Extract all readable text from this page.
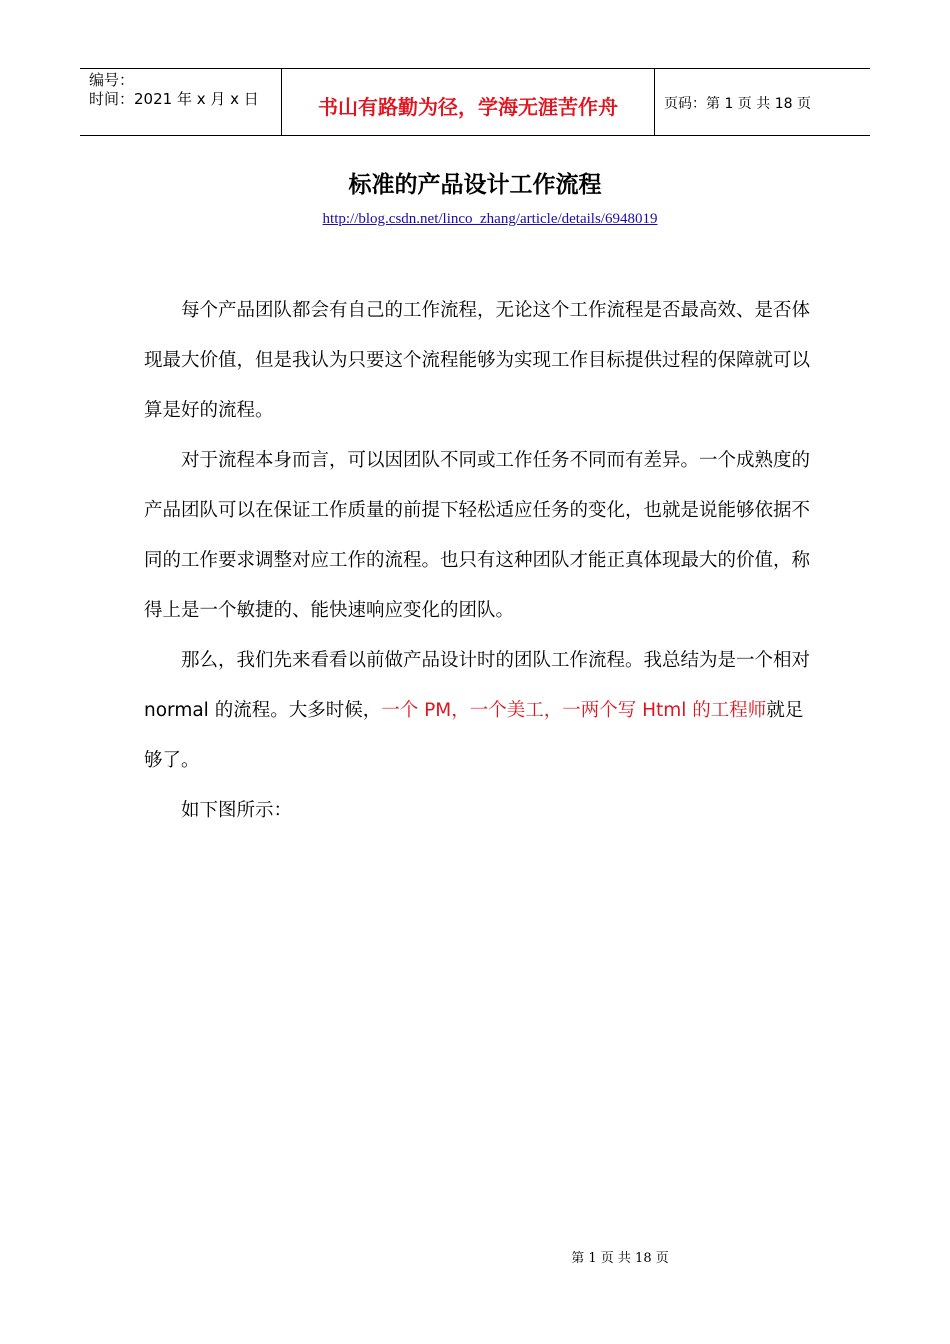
编号：
时间：2021 年 x 月 x 日	书山有路勤为径，学海无涯苦作舟	页码：第 1 页 共 18 页
标准的产品设计工作流程
http://blog.csdn.net/linco_zhang/article/details/6948019

每个产品团队都会有自己的工作流程，无论这个工作流程是否最高效、是否体现最大价值，但是我认为只要这个流程能够为实现工作目标提供过程的保障就可以算是好的流程。

对于流程本身而言，可以因团队不同或工作任务不同而有差异。一个成熟度的产品团队可以在保证工作质量的前提下轻松适应任务的变化，也就是说能够依据不同的工作要求调整对应工作的流程。也只有这种团队才能正真体现最大的价值，称得上是一个敏捷的、能快速响应变化的团队。

那么，我们先来看看以前做产品设计时的团队工作流程。我总结为是一个相对 normal 的流程。大多时候，一个 PM，一个美工，一两个写 Html 的工程师就足够了。

如下图所示：

第 1 页 共 18 页
